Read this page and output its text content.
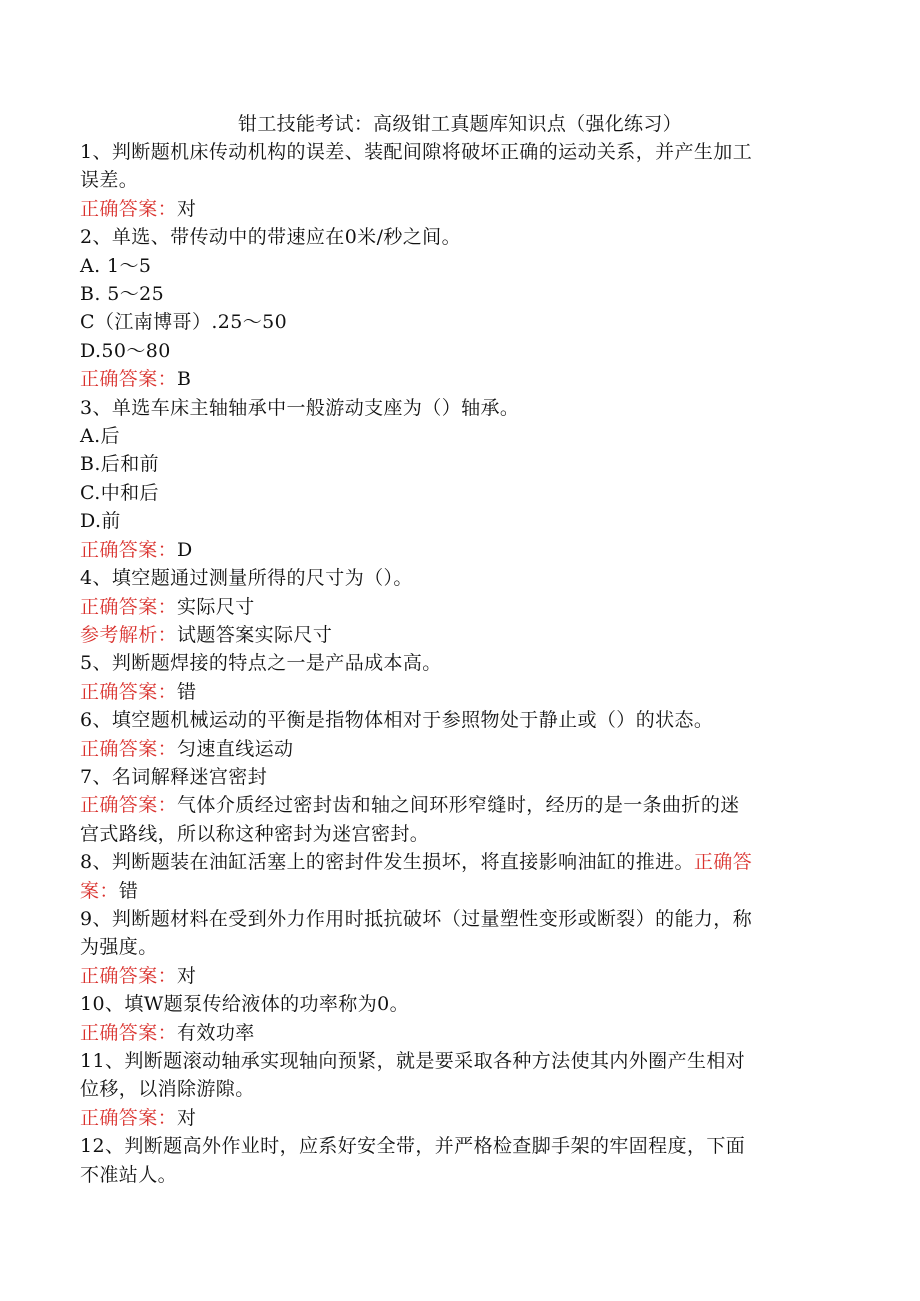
钳工技能考试：高级钳工真题库知识点（强化练习）
1、判断题机床传动机构的误差、装配间隙将破坏正确的运动关系，并产生加工
误差。
正确答案：对
2、单选、带传动中的带速应在0米/秒之间。
A. 1～5
B. 5～25
C（江南博哥）.25～50
D.50～80
正确答案：B
3、单选车床主轴轴承中一般游动支座为（）轴承。
A.后
B.后和前
C.中和后
D.前
正确答案：D
4、填空题通过测量所得的尺寸为（）。
正确答案：实际尺寸
参考解析：试题答案实际尺寸
5、判断题焊接的特点之一是产品成本高。
正确答案：错
6、填空题机械运动的平衡是指物体相对于参照物处于静止或（）的状态。
正确答案：匀速直线运动
7、名词解释迷宫密封
正确答案：气体介质经过密封齿和轴之间环形窄缝时，经历的是一条曲折的迷
宫式路线，所以称这种密封为迷宫密封。
8、判断题装在油缸活塞上的密封件发生损坏，将直接影响油缸的推进。正确答
案：错
9、判断题材料在受到外力作用时抵抗破坏（过量塑性变形或断裂）的能力，称
为强度。
正确答案：对
10、填W题泵传给液体的功率称为0。
正确答案：有效功率
11、判断题滚动轴承实现轴向预紧，就是要采取各种方法使其内外圈产生相对
位移，以消除游隙。
正确答案：对
12、判断题高外作业时，应系好安全带，并严格检查脚手架的牢固程度，下面
不准站人。
